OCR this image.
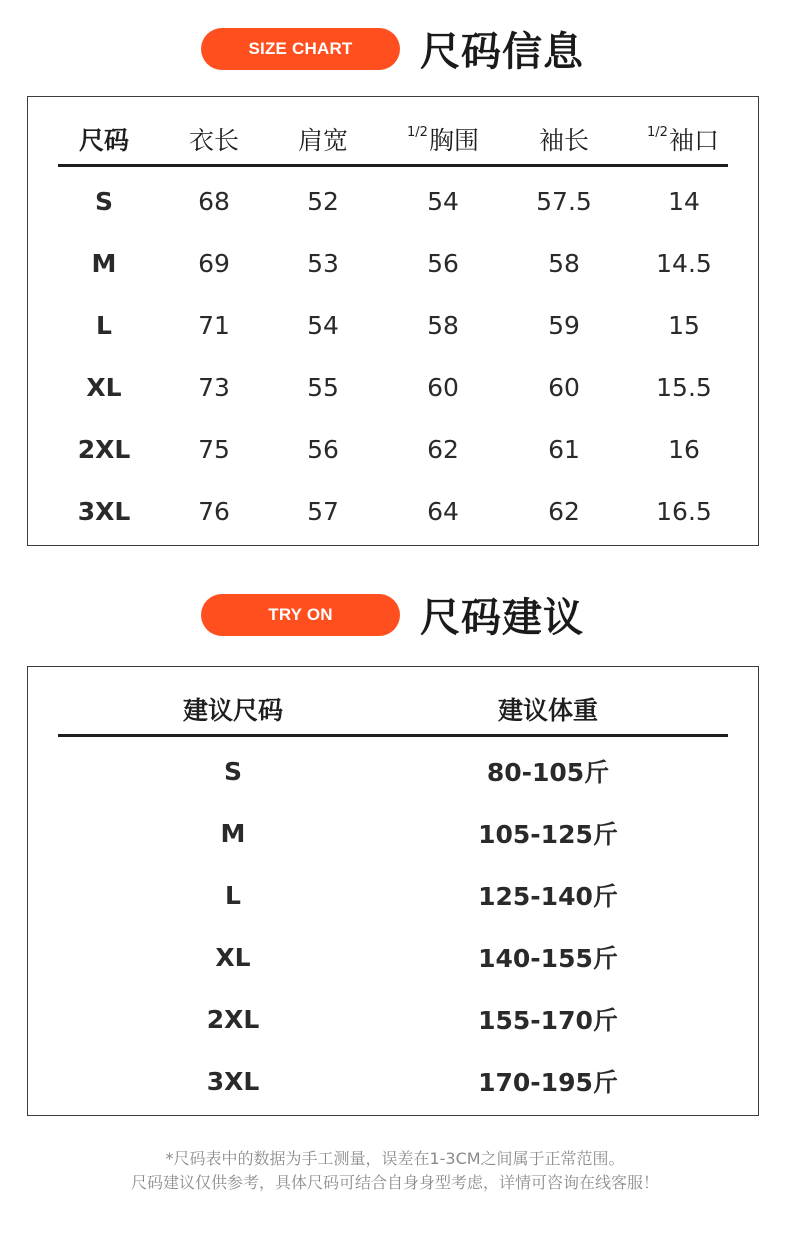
SIZE CHART	尺码信息
尺码	衣长	肩宽	$^{1/2}$ 胸围	袖长	$^{1/2}$ 袖口
S	68	52	54	57.5	14
M	69	53	56	58	14.5
L	71	54	58	59	15
XL	73	55	60	60	15.5
2XL	75	56	62	61	16
3XL	76	57	64	62	16.5
TRY ON	尺码建议
建议尺码	建议体重
S	80-105斤
M	105-125斤
L	125-140斤
XL	140-155斤
2XL	155-170斤
3XL	170-195斤
*尺码表中的数据为手工测量，误差在1-3CM之间属于正常范围。
尺码建议仅供参考，具体尺码可结合自身身型考虑，详情可咨询在线客服！
